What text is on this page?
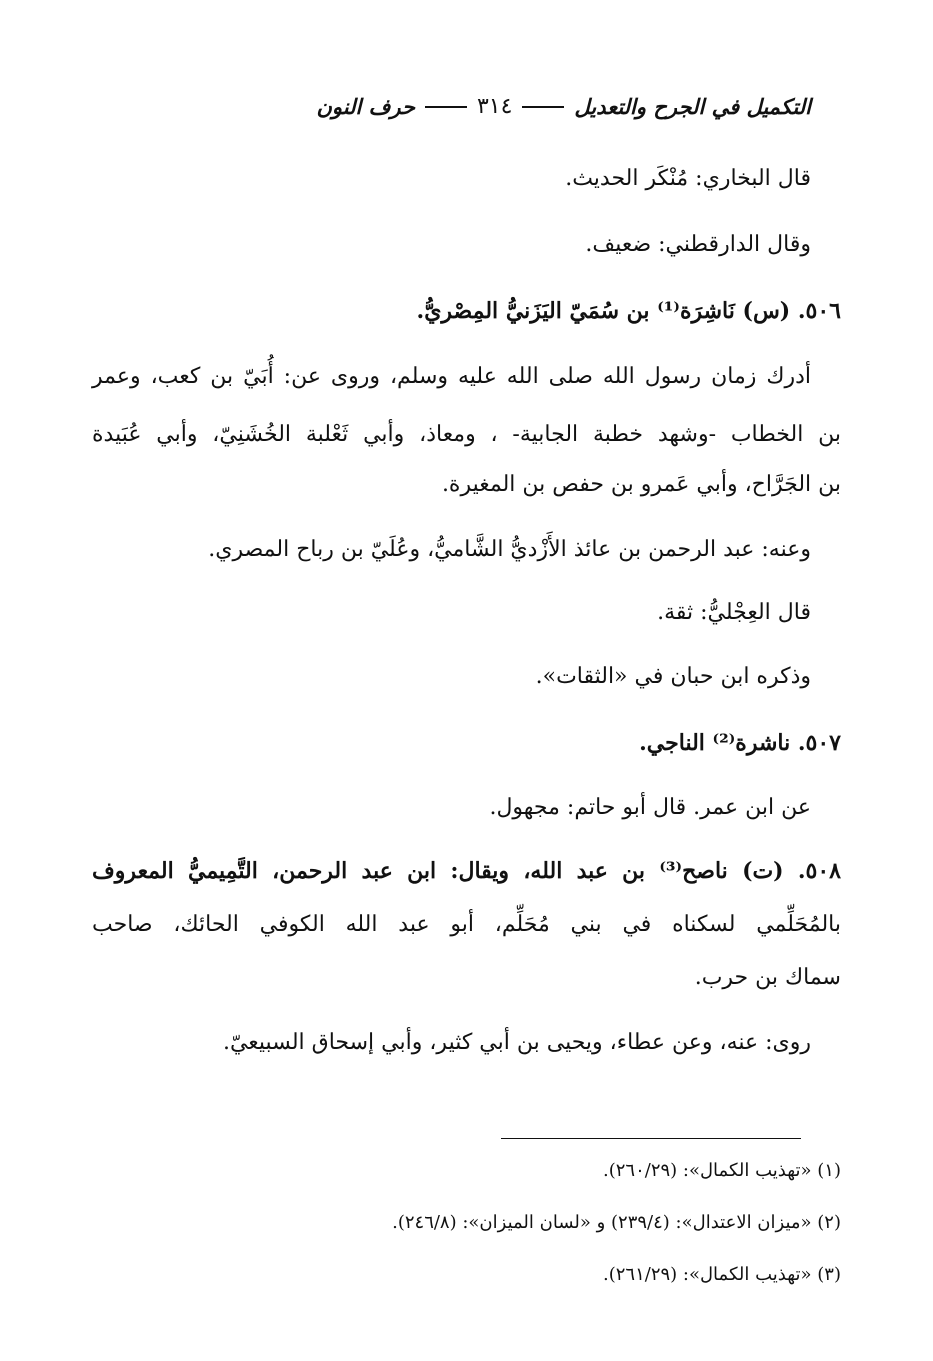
التكميل في الجرح والتعديل
٣١٤
حرف النون
قال البخاري: مُنْكَر الحديث.
وقال الدارقطني: ضعيف.
٥٠٦. (س) نَاشِرَة⁽¹⁾ بن سُمَيّ اليَزَنيُّ المِصْريُّ.
أدرك زمان رسول الله صلى الله عليه وسلم، وروى عن: أُبَيّ بن كعب، وعمر
بن الخطاب -وشهد خطبة الجابية- ، ومعاذ، وأبي ثَعْلبة الخُشَنِيّ، وأبي عُبَيدة
بن الجَرَّاح، وأبي عَمرو بن حفص بن المغيرة.
وعنه: عبد الرحمن بن عائذ الأَزْديُّ الشَّاميُّ، وعُلَيّ بن رباح المصري.
قال العِجْليُّ: ثقة.
وذكره ابن حبان في «الثقات».
٥٠٧. ناشرة⁽²⁾ الناجي.
عن ابن عمر. قال أبو حاتم: مجهول.
٥٠٨. (ت) ناصح⁽³⁾ بن عبد الله، ويقال: ابن عبد الرحمن، التَّمِيميُّ المعروف
بالمُحَلِّمي لسكناه في بني مُحَلِّم، أبو عبد الله الكوفي الحائك، صاحب
سماك بن حرب.
روى: عنه، وعن عطاء، ويحيى بن أبي كثير، وأبي إسحاق السبيعيّ.
(١) «تهذيب الكمال»: (٢٦٠/٢٩).
(٢) «ميزان الاعتدال»: (٢٣٩/٤) و «لسان الميزان»: (٢٤٦/٨).
(٣) «تهذيب الكمال»: (٢٦١/٢٩).
